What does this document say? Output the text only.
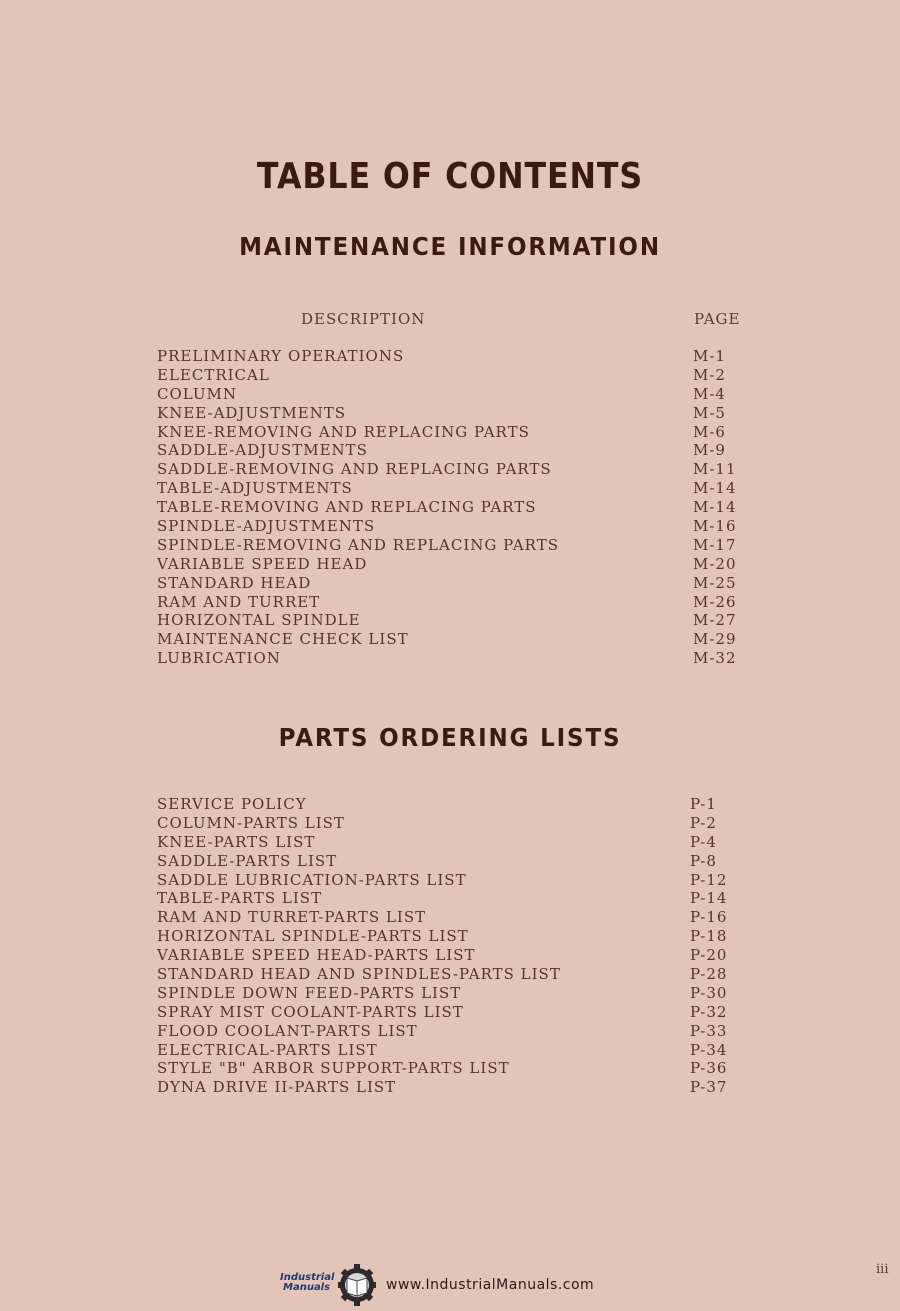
TABLE OF CONTENTS
MAINTENANCE INFORMATION
DESCRIPTION	PAGE
PRELIMINARY OPERATIONS	M-1
ELECTRICAL	M-2
COLUMN	M-4
KNEE-ADJUSTMENTS	M-5
KNEE-REMOVING AND REPLACING PARTS	M-6
SADDLE-ADJUSTMENTS	M-9
SADDLE-REMOVING AND REPLACING PARTS	M-11
TABLE-ADJUSTMENTS	M-14
TABLE-REMOVING AND REPLACING PARTS	M-14
SPINDLE-ADJUSTMENTS	M-16
SPINDLE-REMOVING AND REPLACING PARTS	M-17
VARIABLE SPEED HEAD	M-20
STANDARD HEAD	M-25
RAM AND TURRET	M-26
HORIZONTAL SPINDLE	M-27
MAINTENANCE CHECK LIST	M-29
LUBRICATION	M-32
PARTS ORDERING LISTS
SERVICE POLICY	P-1
COLUMN-PARTS LIST	P-2
KNEE-PARTS LIST	P-4
SADDLE-PARTS LIST	P-8
SADDLE LUBRICATION-PARTS LIST	P-12
TABLE-PARTS LIST	P-14
RAM AND TURRET-PARTS LIST	P-16
HORIZONTAL SPINDLE-PARTS LIST	P-18
VARIABLE SPEED HEAD-PARTS LIST	P-20
STANDARD HEAD AND SPINDLES-PARTS LIST	P-28
SPINDLE DOWN FEED-PARTS LIST	P-30
SPRAY MIST COOLANT-PARTS LIST	P-32
FLOOD COOLANT-PARTS LIST	P-33
ELECTRICAL-PARTS LIST	P-34
STYLE "B" ARBOR SUPPORT-PARTS LIST	P-36
DYNA DRIVE II-PARTS LIST	P-37
iii
Industrial
Manuals	www.IndustrialManuals.com
